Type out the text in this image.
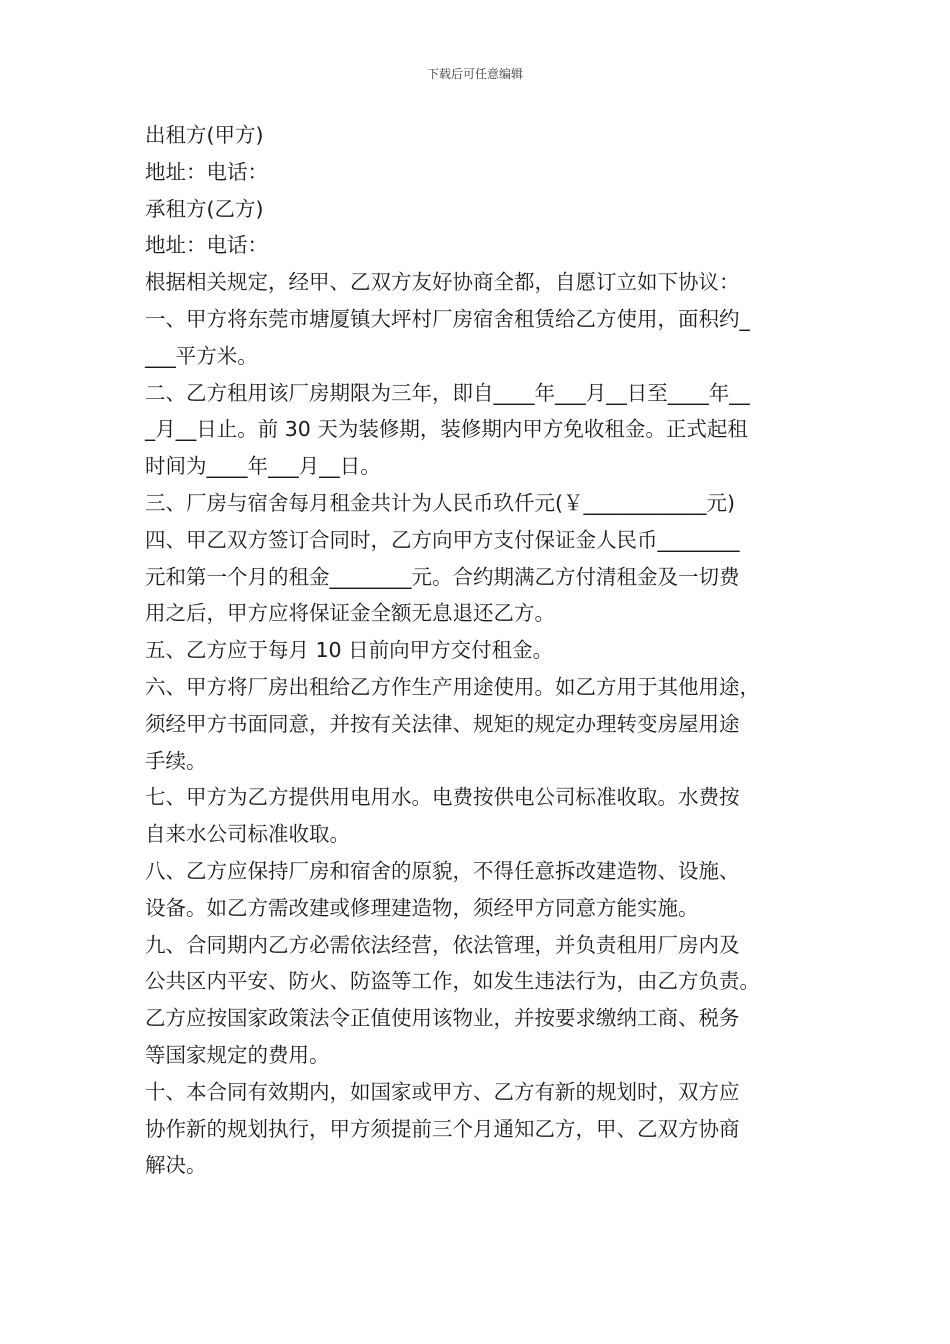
下载后可任意编辑
出租方(甲方)
地址：电话：
承租方(乙方)
地址：电话：
根据相关规定，经甲、乙双方友好协商全都，自愿订立如下协议：
一、甲方将东莞市塘厦镇大坪村厂房宿舍租赁给乙方使用，面积约_
___平方米。
二、乙方租用该厂房期限为三年，即自____年___月__日至____年__
_月__日止。前 30 天为装修期，装修期内甲方免收租金。正式起租
时间为____年___月__日。
三、厂房与宿舍每月租金共计为人民币玖仟元(￥____________元)
四、甲乙双方签订合同时，乙方向甲方支付保证金人民币________
元和第一个月的租金________元。合约期满乙方付清租金及一切费
用之后，甲方应将保证金全额无息退还乙方。
五、乙方应于每月 10 日前向甲方交付租金。
六、甲方将厂房出租给乙方作生产用途使用。如乙方用于其他用途，
须经甲方书面同意，并按有关法律、规矩的规定办理转变房屋用途
手续。
七、甲方为乙方提供用电用水。电费按供电公司标准收取。水费按
自来水公司标准收取。
八、乙方应保持厂房和宿舍的原貌，不得任意拆改建造物、设施、
设备。如乙方需改建或修理建造物，须经甲方同意方能实施。
九、合同期内乙方必需依法经营，依法管理，并负责租用厂房内及
公共区内平安、防火、防盗等工作，如发生违法行为，由乙方负责。
乙方应按国家政策法令正值使用该物业，并按要求缴纳工商、税务
等国家规定的费用。
十、本合同有效期内，如国家或甲方、乙方有新的规划时，双方应
协作新的规划执行，甲方须提前三个月通知乙方，甲、乙双方协商
解决。
